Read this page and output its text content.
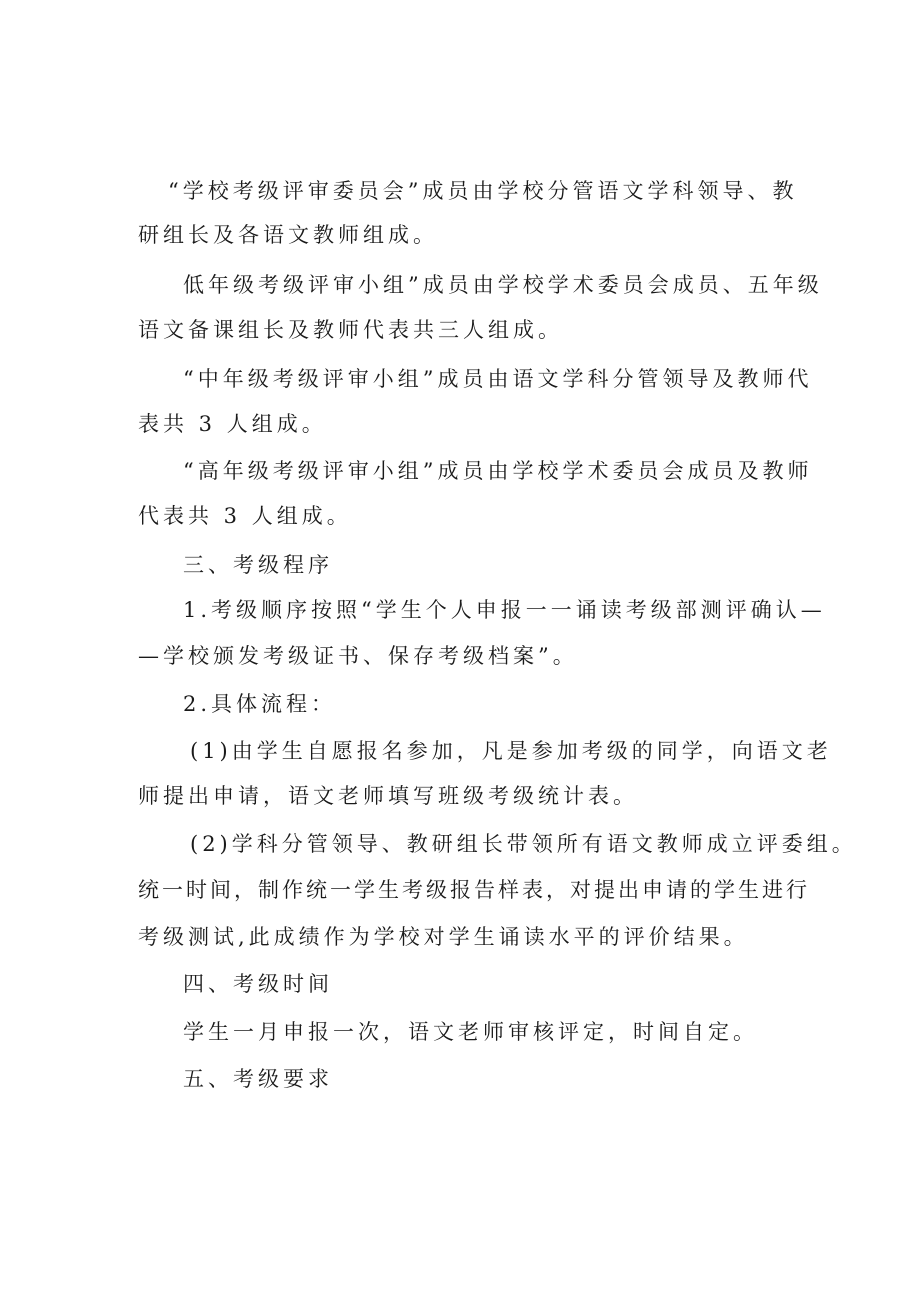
“学校考级评审委员会”成员由学校分管语文学科领导、教
研组长及各语文教师组成。
低年级考级评审小组”成员由学校学术委员会成员、五年级
语文备课组长及教师代表共三人组成。
“中年级考级评审小组”成员由语文学科分管领导及教师代
表共 3 人组成。
“高年级考级评审小组”成员由学校学术委员会成员及教师
代表共 3 人组成。
三、考级程序
1.考级顺序按照“学生个人申报一一诵读考级部测评确认—
—学校颁发考级证书、保存考级档案”。
2.具体流程：
(1)由学生自愿报名参加，凡是参加考级的同学，向语文老
师提出申请，语文老师填写班级考级统计表。
(2)学科分管领导、教研组长带领所有语文教师成立评委组。
统一时间，制作统一学生考级报告样表，对提出申请的学生进行
考级测试,此成绩作为学校对学生诵读水平的评价结果。
四、考级时间
学生一月申报一次，语文老师审核评定，时间自定。
五、考级要求
